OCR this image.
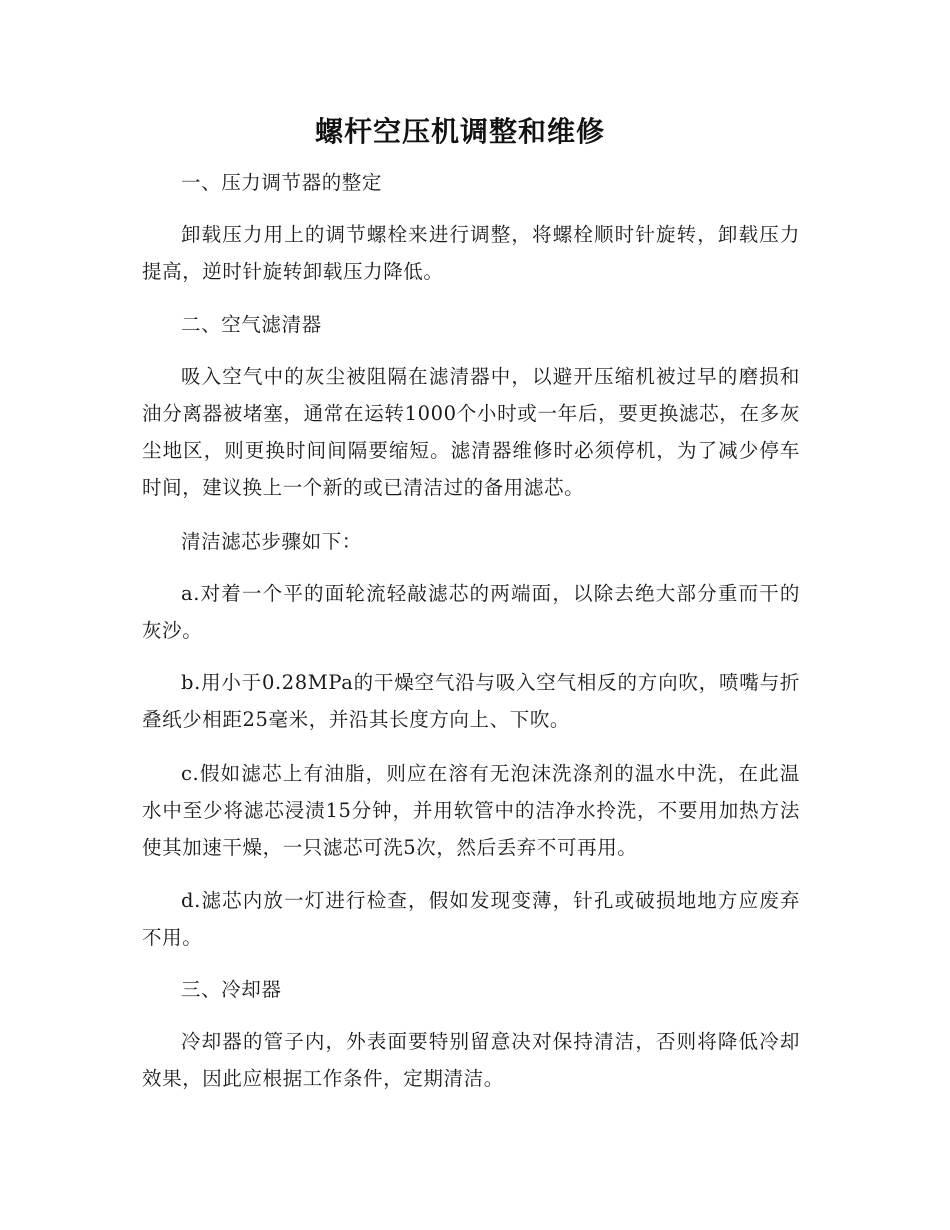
螺杆空压机调整和维修

一、压力调节器的整定

卸载压力用上的调节螺栓来进行调整，将螺栓顺时针旋转，卸载压力提高，逆时针旋转卸载压力降低。

二、空气滤清器

吸入空气中的灰尘被阻隔在滤清器中，以避开压缩机被过早的磨损和油分离器被堵塞，通常在运转1000个小时或一年后，要更换滤芯，在多灰尘地区，则更换时间间隔要缩短。滤清器维修时必须停机，为了减少停车时间，建议换上一个新的或已清洁过的备用滤芯。

清洁滤芯步骤如下：

a.对着一个平的面轮流轻敲滤芯的两端面，以除去绝大部分重而干的灰沙。

b.用小于0.28MPa的干燥空气沿与吸入空气相反的方向吹，喷嘴与折叠纸少相距25毫米，并沿其长度方向上、下吹。

c.假如滤芯上有油脂，则应在溶有无泡沫洗涤剂的温水中洗，在此温水中至少将滤芯浸渍15分钟，并用软管中的洁净水拎洗，不要用加热方法使其加速干燥，一只滤芯可洗5次，然后丢弃不可再用。

d.滤芯内放一灯进行检查，假如发现变薄，针孔或破损地地方应废弃不用。

三、冷却器

冷却器的管子内，外表面要特别留意决对保持清洁，否则将降低冷却效果，因此应根据工作条件，定期清洁。
